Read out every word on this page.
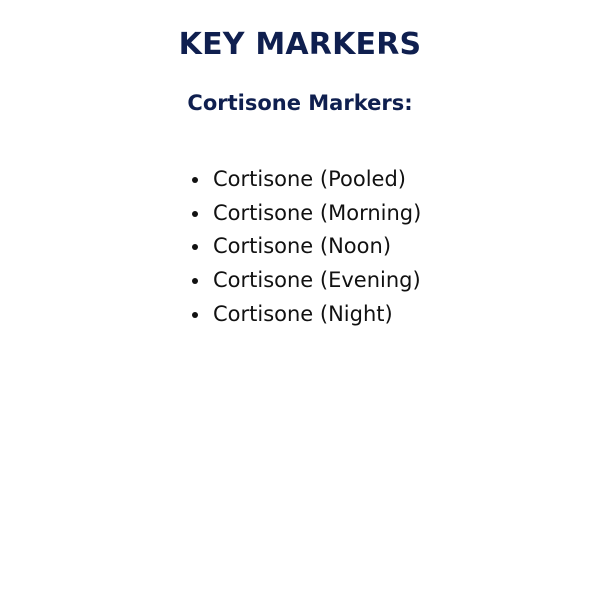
KEY MARKERS
Cortisone Markers:
Cortisone (Pooled)
Cortisone (Morning)
Cortisone (Noon)
Cortisone (Evening)
Cortisone (Night)
